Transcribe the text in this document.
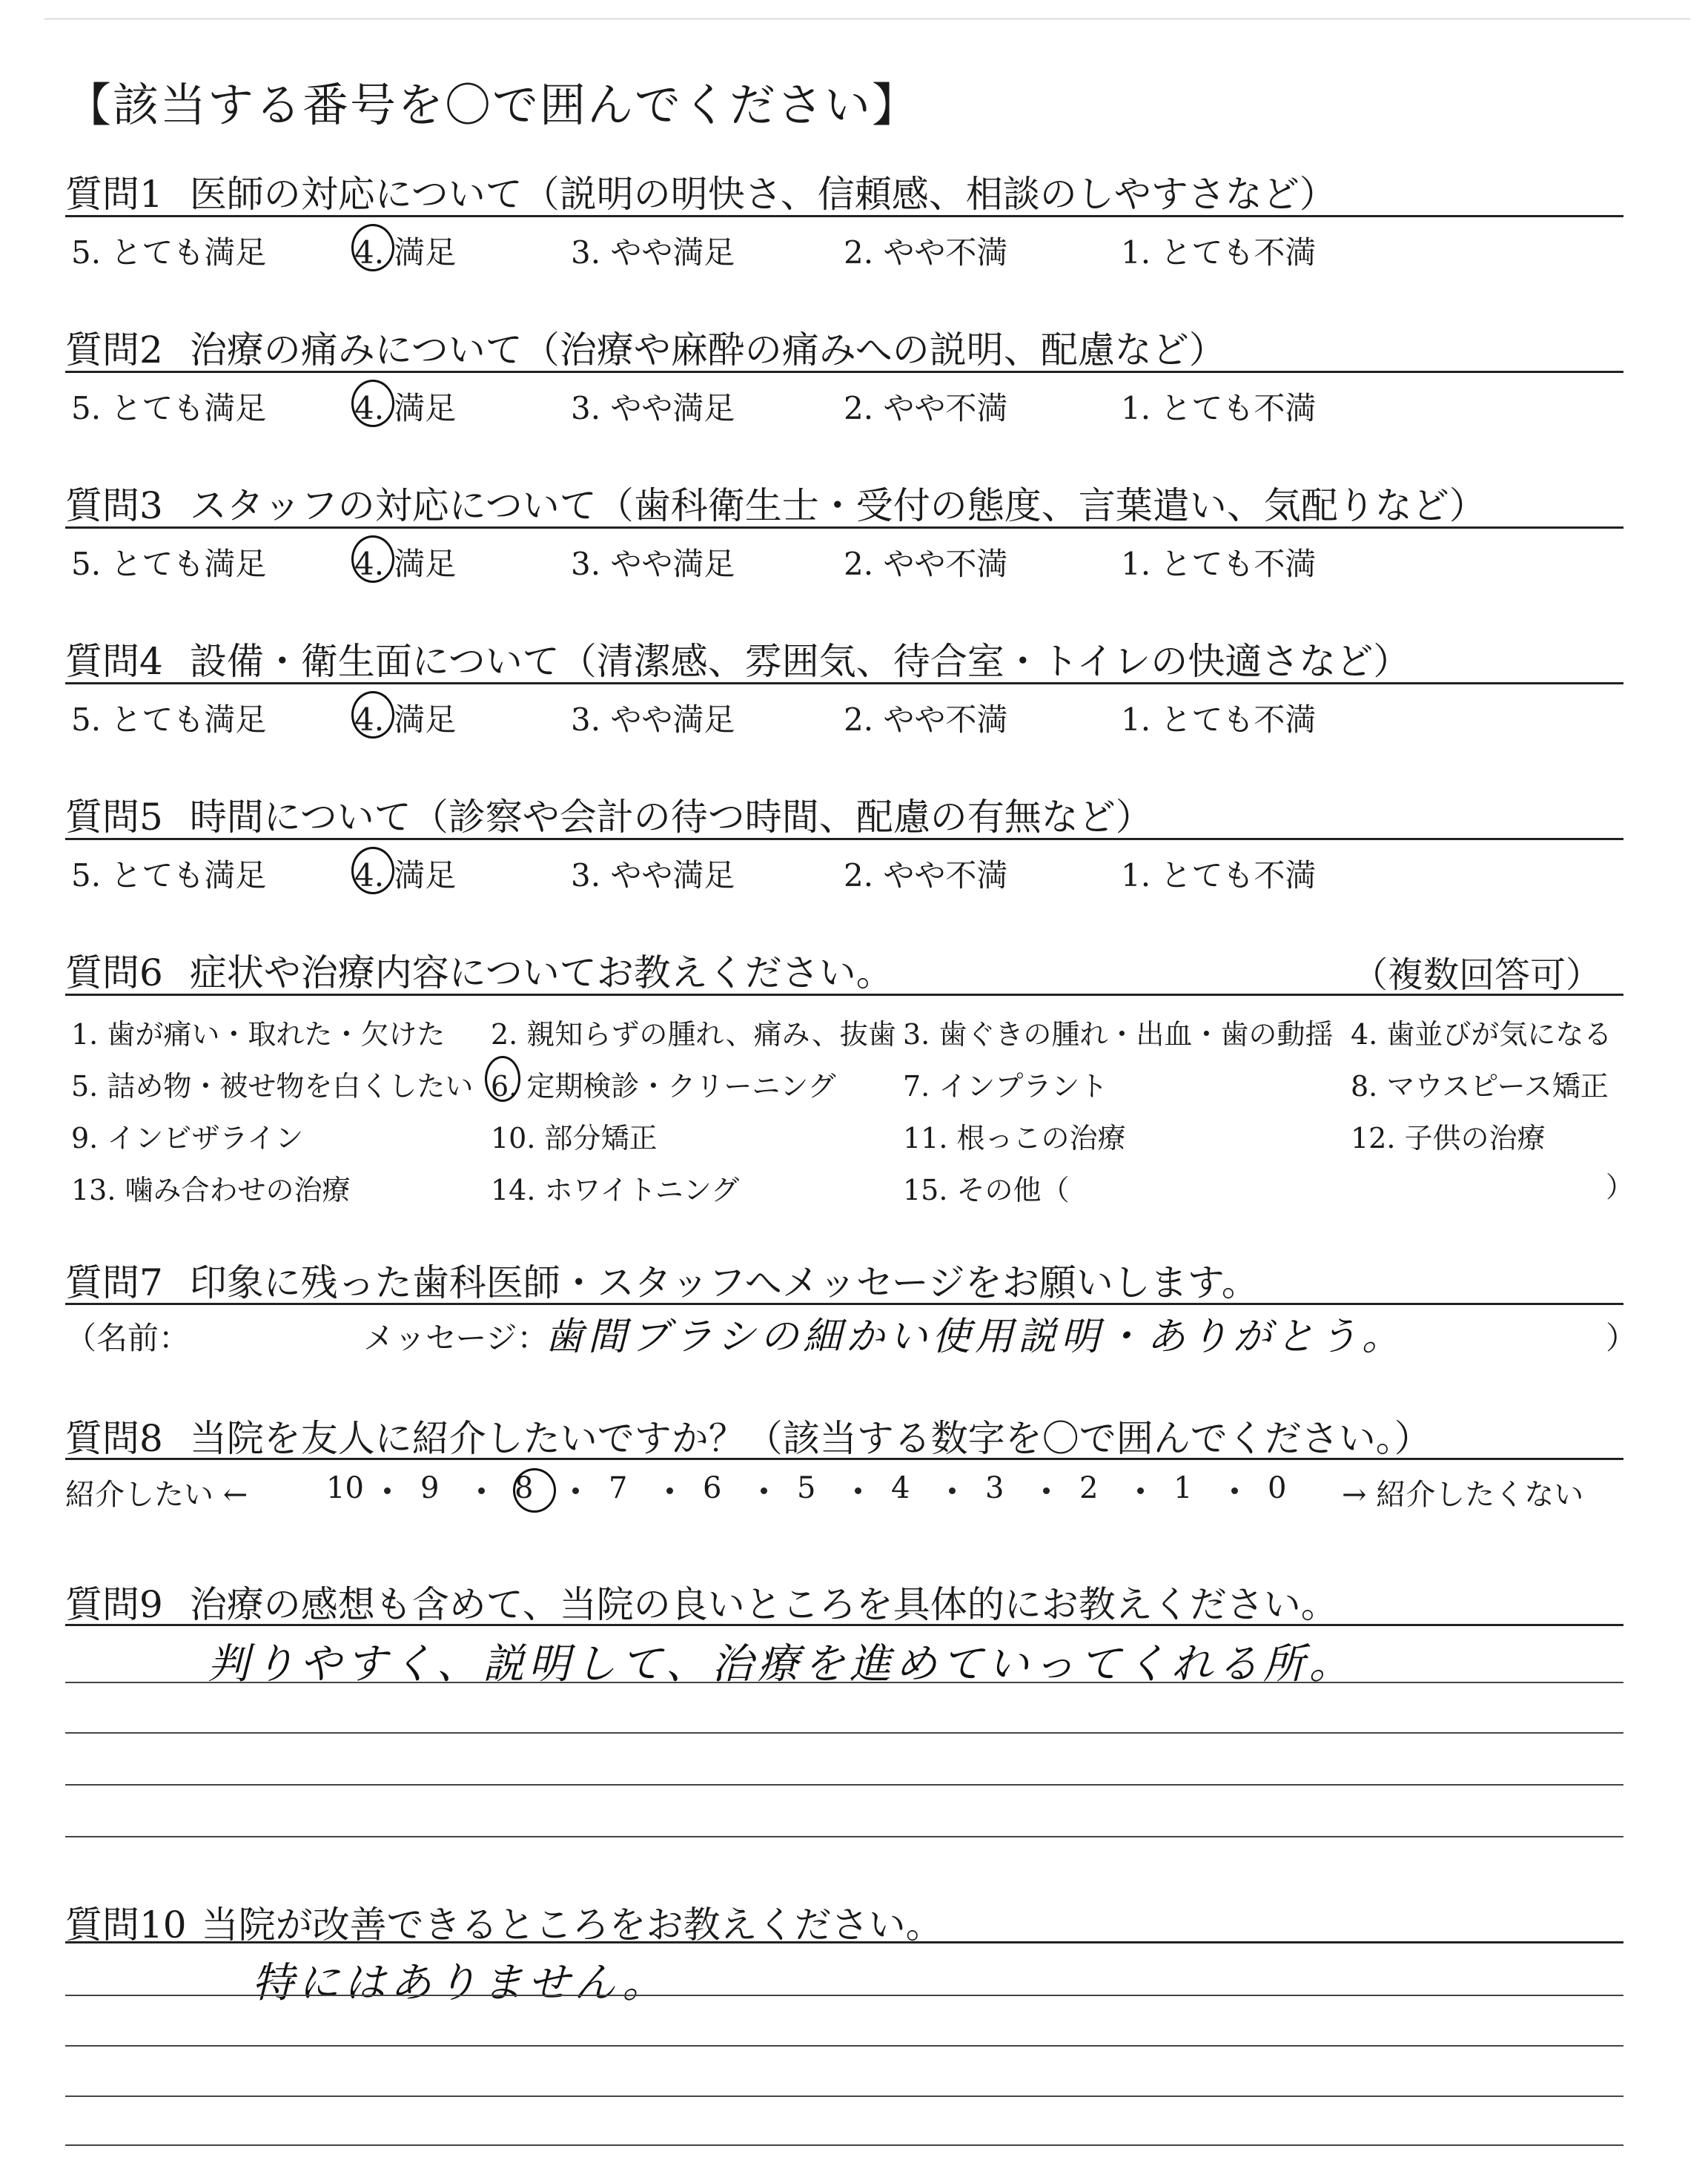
【該当する番号を〇で囲んでください】
質問1 医師の対応について（説明の明快さ、信頼感、相談のしやすさなど）
5. とても満足	4. 満足	3. やや満足	2. やや不満	1. とても不満
質問2 治療の痛みについて（治療や麻酔の痛みへの説明、配慮など）
5. とても満足	4. 満足	3. やや満足	2. やや不満	1. とても不満
質問3 スタッフの対応について（歯科衛生士・受付の態度、言葉遣い、気配りなど）
5. とても満足	4. 満足	3. やや満足	2. やや不満	1. とても不満
質問4 設備・衛生面について（清潔感、雰囲気、待合室・トイレの快適さなど）
5. とても満足	4. 満足	3. やや満足	2. やや不満	1. とても不満
質問5 時間について（診察や会計の待つ時間、配慮の有無など）
5. とても満足	4. 満足	3. やや満足	2. やや不満	1. とても不満
質問6 症状や治療内容についてお教えください。	（複数回答可）
1. 歯が痛い・取れた・欠けた 2. 親知らずの腫れ、痛み、抜歯 3. 歯ぐきの腫れ・出血・歯の動揺 4. 歯並びが気になる
5. 詰め物・被せ物を白くしたい 6. 定期検診・クリーニング 7. インプラント	8. マウスピース矯正
9. インビザライン	10. 部分矯正	11. 根っこの治療	12. 子供の治療
13. 噛み合わせの治療	14. ホワイトニング	15. その他（	）
質問7 印象に残った歯科医師・スタッフへメッセージをお願いします。
（名前：	メッセージ：
歯間ブラシの細かい使用説明・ありがとう。	）
質問8 当院を友人に紹介したいですか？（該当する数字を〇で囲んでください。）
紹介したい ←	10 9	8	7	6	5	4	3	2	1	0 → 紹介したくない
質問9 治療の感想も含めて、当院の良いところを具体的にお教えください。
判りやすく、説明して、治療を進めていってくれる所。
質問10 当院が改善できるところをお教えください。
特にはありません。
